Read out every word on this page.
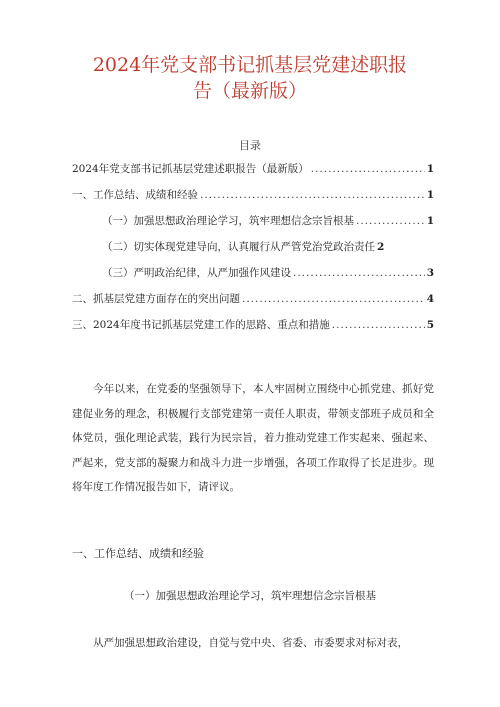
2024年党支部书记抓基层党建述职报
告（最新版）
目录
2024年党支部书记抓基层党建述职报告（最新版） .....	1
一、工作总结、成绩和经验 .....	1
（一）加强思想政治理论学习，筑牢理想信念宗旨根基 .....	1
（二）切实体现党建导向，认真履行从严管党治党政治责任 2
（三）严明政治纪律，从严加强作风建设 .....	3
二、抓基层党建方面存在的突出问题 .....	4
三、2024年度书记抓基层党建工作的思路、重点和措施 .....	5

今年以来，在党委的坚强领导下，本人牢固树立围绕中心抓党建、抓好党建促业务的理念，积极履行支部党建第一责任人职责，带领支部班子成员和全体党员，强化理论武装，践行为民宗旨，着力推动党建工作实起来、强起来、严起来，党支部的凝聚力和战斗力进一步增强，各项工作取得了长足进步。现将年度工作情况报告如下，请评议。

一、工作总结、成绩和经验
（一）加强思想政治理论学习，筑牢理想信念宗旨根基
从严加强思想政治建设，自觉与党中央、省委、市委要求对标对表，
